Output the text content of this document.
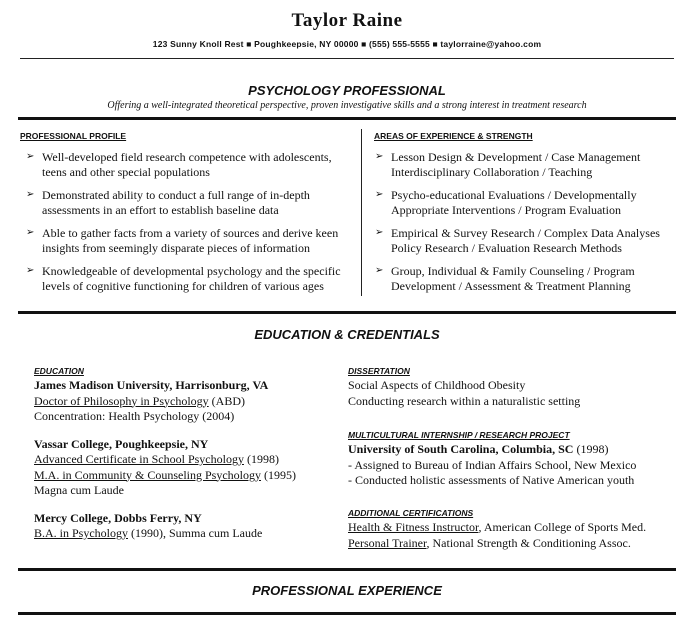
Taylor Raine
123 Sunny Knoll Rest ■ Poughkeepsie, NY 00000 ■ (555) 555-5555 ■ taylorraine@yahoo.com
PSYCHOLOGY PROFESSIONAL
Offering a well-integrated theoretical perspective, proven investigative skills and a strong interest in treatment research
PROFESSIONAL PROFILE
➢ Well-developed field research competence with adolescents,
teens and other special populations
➢ Demonstrated ability to conduct a full range of in-depth
assessments in an effort to establish baseline data
➢ Able to gather facts from a variety of sources and derive keen
insights from seemingly disparate pieces of information
➢ Knowledgeable of developmental psychology and the specific
levels of cognitive functioning for children of various ages
AREAS OF EXPERIENCE & STRENGTH
➢ Lesson Design & Development / Case Management
Interdisciplinary Collaboration / Teaching
➢ Psycho-educational Evaluations / Developmentally
Appropriate Interventions / Program Evaluation
➢ Empirical & Survey Research / Complex Data Analyses
Policy Research / Evaluation Research Methods
➢ Group, Individual & Family Counseling / Program
Development / Assessment & Treatment Planning
EDUCATION & CREDENTIALS
EDUCATION
James Madison University, Harrisonburg, VA
Doctor of Philosophy in Psychology (ABD)
Concentration: Health Psychology (2004)
Vassar College, Poughkeepsie, NY
Advanced Certificate in School Psychology (1998)
M.A. in Community & Counseling Psychology (1995)
Magna cum Laude
Mercy College, Dobbs Ferry, NY
B.A. in Psychology (1990), Summa cum Laude
DISSERTATION
Social Aspects of Childhood Obesity
Conducting research within a naturalistic setting
MULTICULTURAL INTERNSHIP / RESEARCH PROJECT
University of South Carolina, Columbia, SC (1998)
- Assigned to Bureau of Indian Affairs School, New Mexico
- Conducted holistic assessments of Native American youth
ADDITIONAL CERTIFICATIONS
Health & Fitness Instructor, American College of Sports Med.
Personal Trainer, National Strength & Conditioning Assoc.
PROFESSIONAL EXPERIENCE
